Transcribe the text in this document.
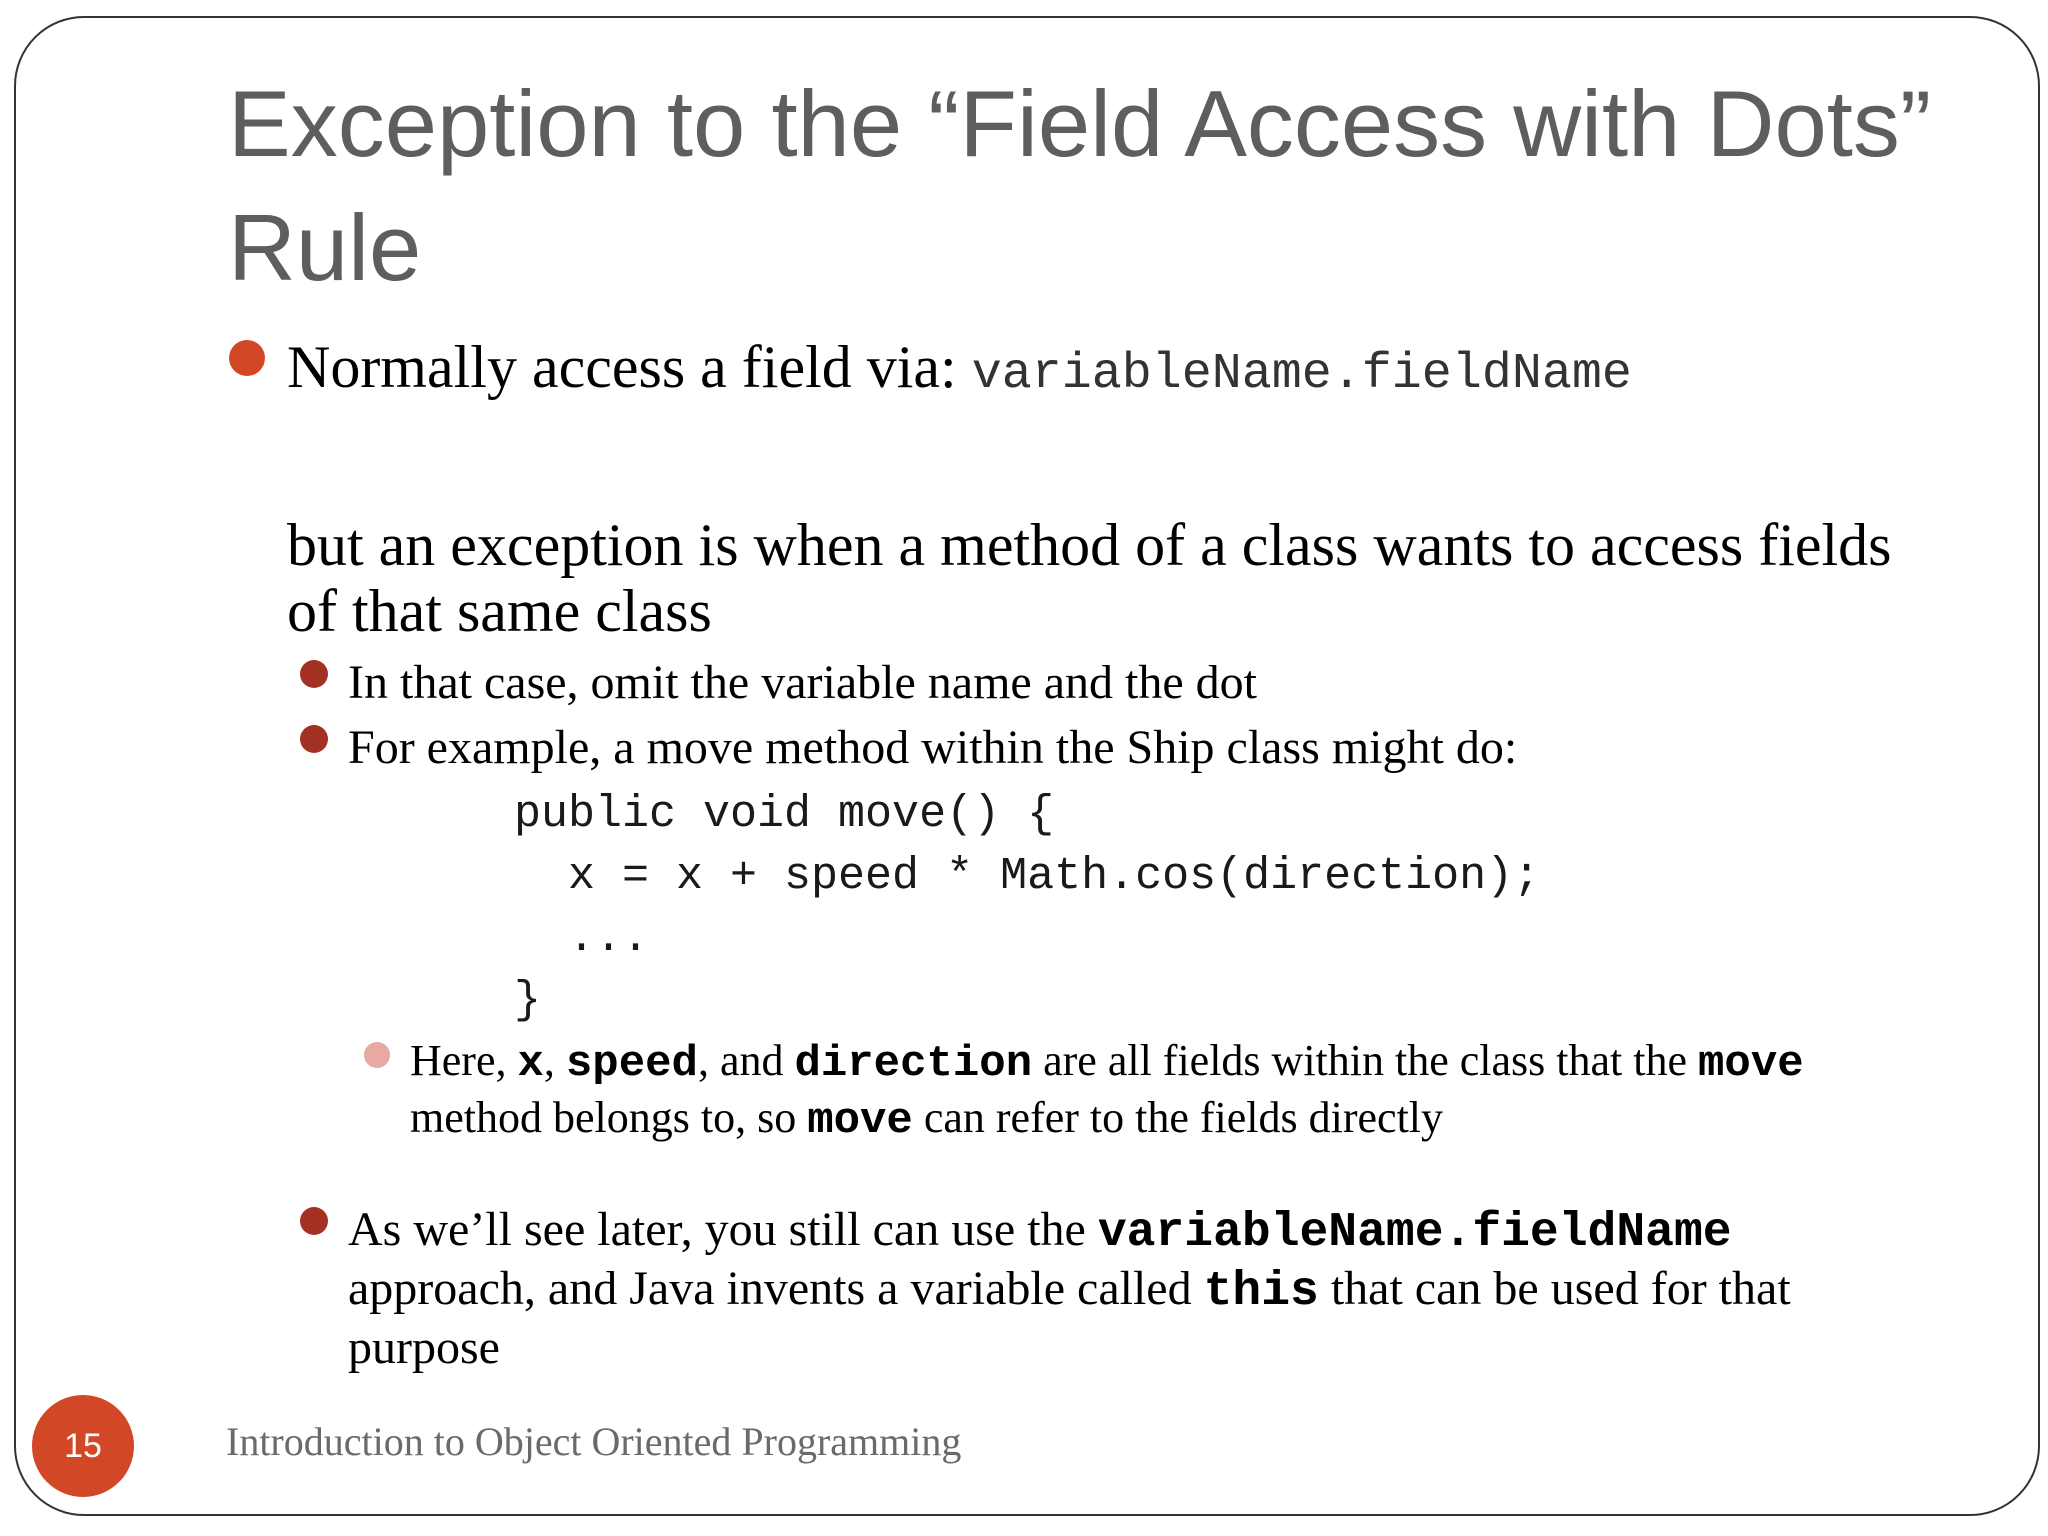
Exception to the “Field Access with Dots” Rule
Normally access a field via: variableName.fieldName
but an exception is when a method of a class wants to access fields of that same class
In that case, omit the variable name and the dot
For example, a move method within the Ship class might do:
public void move() {
x = x + speed * Math.cos(direction);
...
}
Here, x, speed, and direction are all fields within the class that the move method belongs to, so move can refer to the fields directly
As we’ll see later, you still can use the variableName.fieldName approach, and Java invents a variable called this that can be used for that purpose
15	Introduction to Object Oriented Programming
